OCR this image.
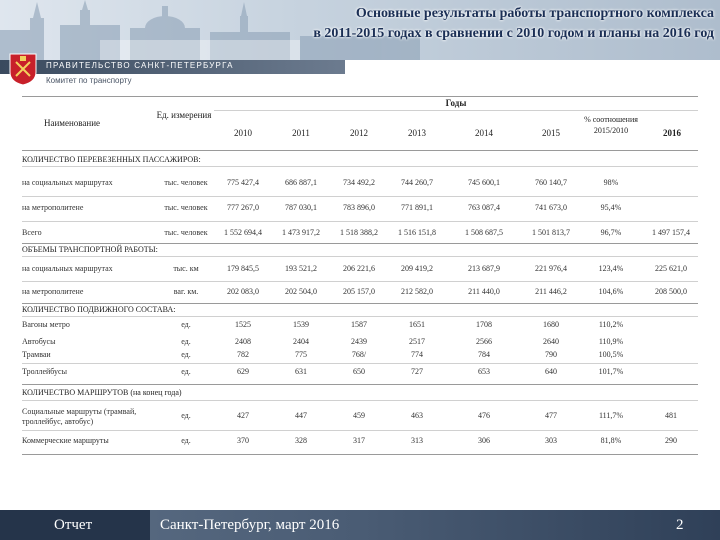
Основные результаты работы транспортного комплекса
в 2011-2015 годах в сравнении с 2010 годом и планы на 2016 год
ПРАВИТЕЛЬСТВО САНКТ-ПЕТЕРБУРГА
Комитет по транспорту
Наименование
Ед. измерения
Годы
2010	2011	2012	2013	2014	2015
% соотношения 2015/2010	2016
КОЛИЧЕСТВО ПЕРЕВЕЗЕННЫХ ПАССАЖИРОВ:
на социальных маршрутах	тыс. человек	775 427,4	686 887,1	734 492,2	744 260,7	745 600,1	760 140,7	98%
на метрополитене	тыс. человек	777 267,0	787 030,1	783 896,0	771 891,1	763 087,4	741 673,0	95,4%
Всего	тыс. человек	1 552 694,4	1 473 917,2	1 518 388,2	1 516 151,8	1 508 687,5	1 501 813,7	96,7%	1 497 157,4
ОБЪЕМЫ ТРАНСПОРТНОЙ РАБОТЫ:
на социальных маршрутах	тыс. км	179 845,5	193 521,2	206 221,6	209 419,2	213 687,9	221 976,4	123,4%	225 621,0
на метрополитене	ваг. км.	202 083,0	202 504,0	205 157,0	212 582,0	211 440,0	211 446,2	104,6%	208 500,0
КОЛИЧЕСТВО ПОДВИЖНОГО СОСТАВА:
Вагоны метро	ед.	1525	1539	1587	1651	1708	1680	110,2%
Автобусы	ед.	2408	2404	2439	2517	2566	2640	110,9%
Трамваи	ед.	782	775	768/	774	784	790	100,5%
Троллейбусы	ед.	629	631	650	727	653	640	101,7%
КОЛИЧЕСТВО МАРШРУТОВ (на конец года)
Социальные маршруты (трамвай, троллейбус, автобус)
ед.	427	447	459	463	476	477	111,7%	481
Коммерческие маршруты	ед.	370	328	317	313	306	303	81,8%	290
Отчет	Санкт-Петербург, март 2016	2
